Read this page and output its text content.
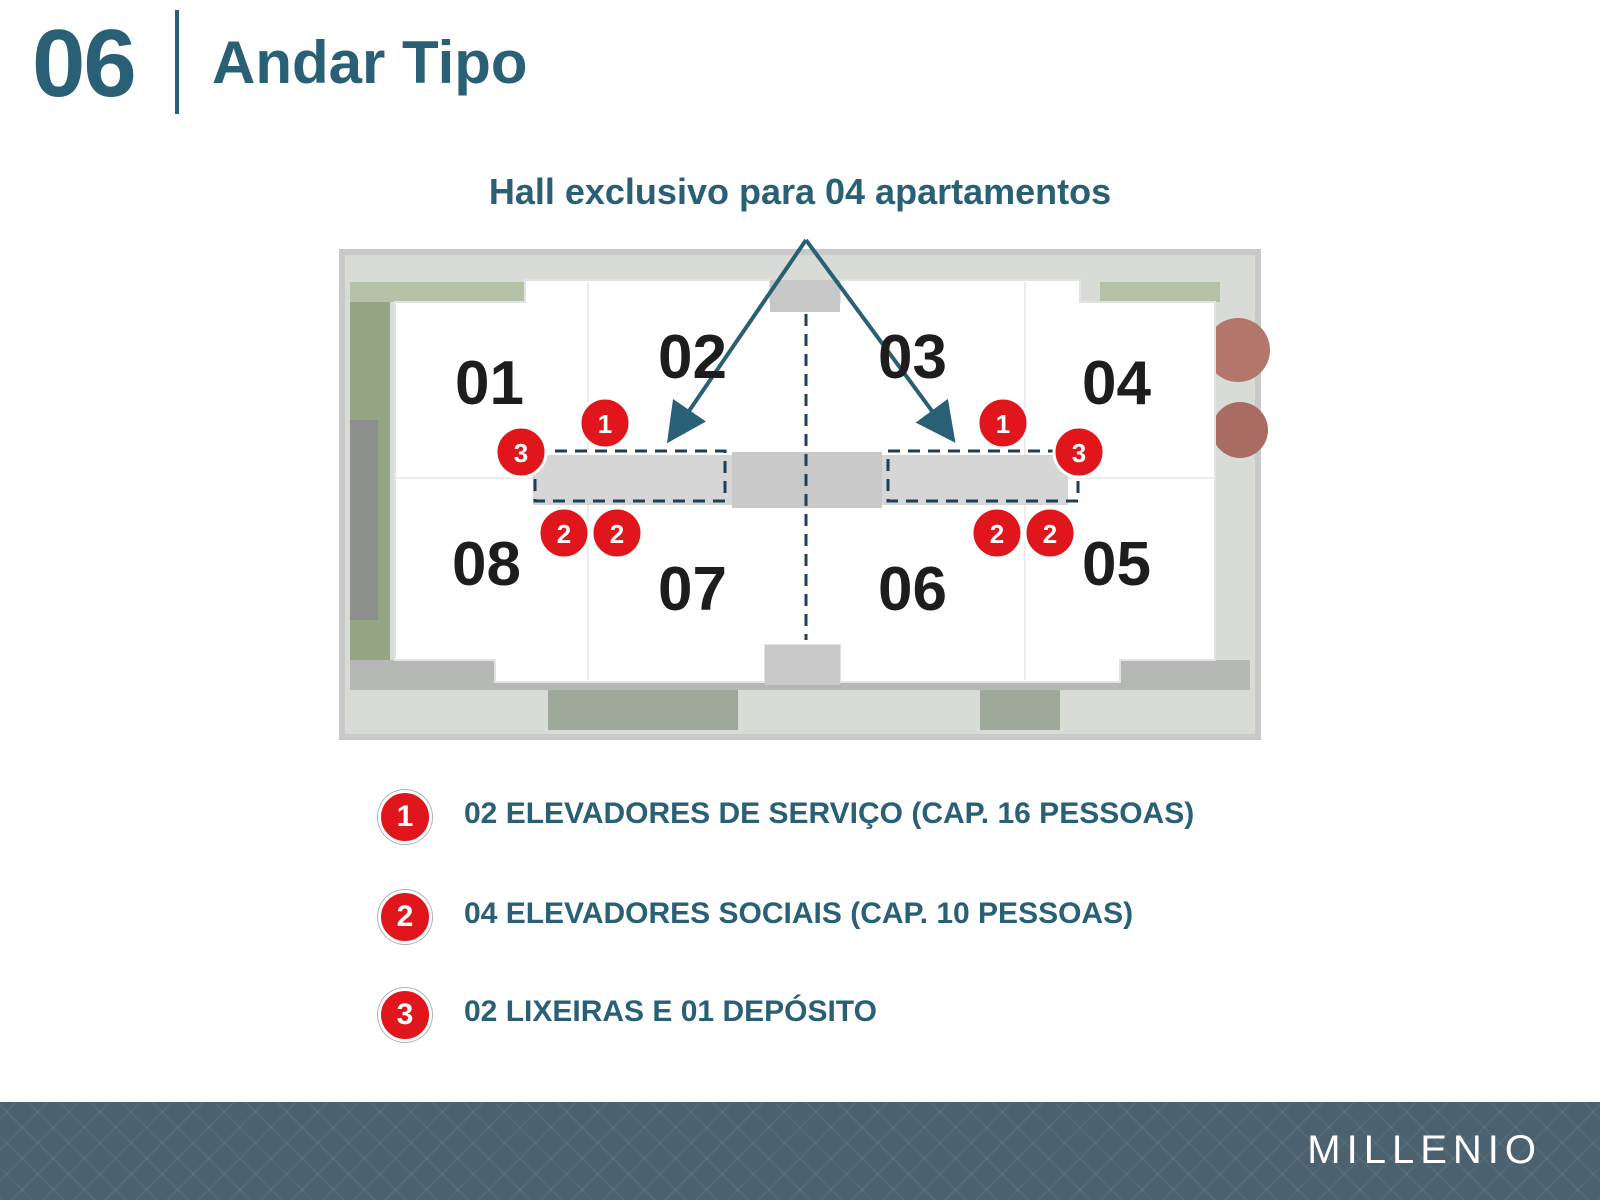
06 Andar Tipo
Hall exclusivo para 04 apartamentos
01 02 03 04
05
06
07
08
1
3
2 2
1
3
2 2
1	02 ELEVADORES DE SERVIÇO (CAP. 16 PESSOAS)
2	04 ELEVADORES SOCIAIS (CAP. 10 PESSOAS)
3	02 LIXEIRAS E 01 DEPÓSITO
MILLENIO
